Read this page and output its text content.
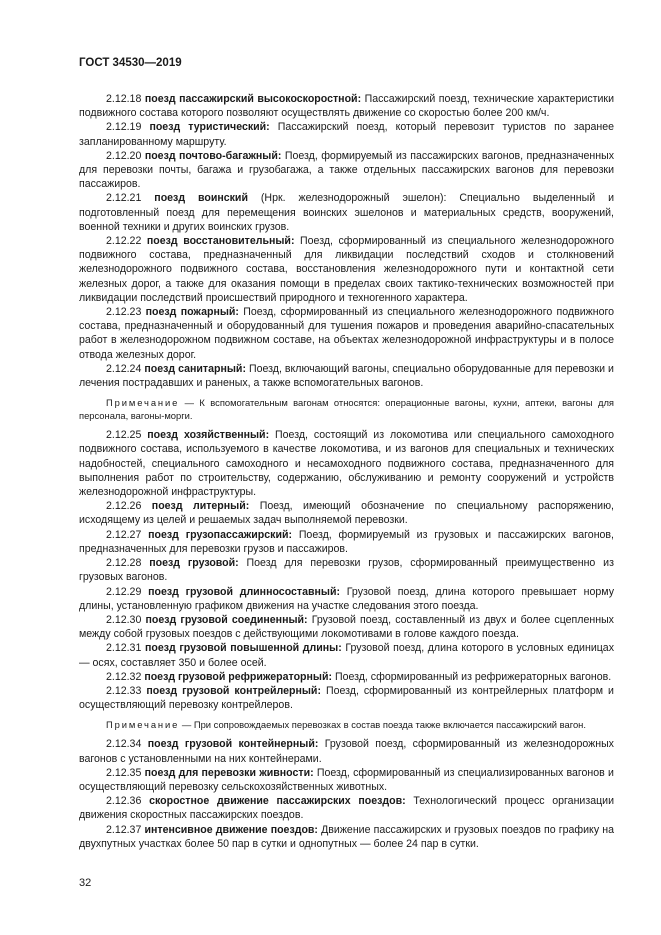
ГОСТ 34530—2019

2.12.18 поезд пассажирский высокоскоростной: Пассажирский поезд, технические характеристики подвижного состава которого позволяют осуществлять движение со скоростью более 200 км/ч.

2.12.19 поезд туристический: Пассажирский поезд, который перевозит туристов по заранее запланированному маршруту.

2.12.20 поезд почтово-багажный: Поезд, формируемый из пассажирских вагонов, предназначенных для перевозки почты, багажа и грузобагажа, а также отдельных пассажирских вагонов для перевозки пассажиров.

2.12.21 поезд воинский (Нрк. железнодорожный эшелон): Специально выделенный и подготовленный поезд для перемещения воинских эшелонов и материальных средств, вооружений, военной техники и других воинских грузов.

2.12.22 поезд восстановительный: Поезд, сформированный из специального железнодорожного подвижного состава, предназначенный для ликвидации последствий сходов и столкновений железнодорожного подвижного состава, восстановления железнодорожного пути и контактной сети железных дорог, а также для оказания помощи в пределах своих тактико-технических возможностей при ликвидации последствий происшествий природного и техногенного характера.

2.12.23 поезд пожарный: Поезд, сформированный из специального железнодорожного подвижного состава, предназначенный и оборудованный для тушения пожаров и проведения аварийно-спасательных работ в железнодорожном подвижном составе, на объектах железнодорожной инфраструктуры и в полосе отвода железных дорог.

2.12.24 поезд санитарный: Поезд, включающий вагоны, специально оборудованные для перевозки и лечения пострадавших и раненых, а также вспомогательных вагонов.

Примечание — К вспомогательным вагонам относятся: операционные вагоны, кухни, аптеки, вагоны для персонала, вагоны-морги.

2.12.25 поезд хозяйственный: Поезд, состоящий из локомотива или специального самоходного подвижного состава, используемого в качестве локомотива, и из вагонов для специальных и технических надобностей, специального самоходного и несамоходного подвижного состава, предназначенного для выполнения работ по строительству, содержанию, обслуживанию и ремонту сооружений и устройств железнодорожной инфраструктуры.

2.12.26 поезд литерный: Поезд, имеющий обозначение по специальному распоряжению, исходящему из целей и решаемых задач выполняемой перевозки.

2.12.27 поезд грузопассажирский: Поезд, формируемый из грузовых и пассажирских вагонов, предназначенных для перевозки грузов и пассажиров.

2.12.28 поезд грузовой: Поезд для перевозки грузов, сформированный преимущественно из грузовых вагонов.

2.12.29 поезд грузовой длинносоставный: Грузовой поезд, длина которого превышает норму длины, установленную графиком движения на участке следования этого поезда.

2.12.30 поезд грузовой соединенный: Грузовой поезд, составленный из двух и более сцепленных между собой грузовых поездов с действующими локомотивами в голове каждого поезда.

2.12.31 поезд грузовой повышенной длины: Грузовой поезд, длина которого в условных единицах — осях, составляет 350 и более осей.

2.12.32 поезд грузовой рефрижераторный: Поезд, сформированный из рефрижераторных вагонов.

2.12.33 поезд грузовой контрейлерный: Поезд, сформированный из контрейлерных платформ и осуществляющий перевозку контрейлеров.

Примечание — При сопровождаемых перевозках в состав поезда также включается пассажирский вагон.

2.12.34 поезд грузовой контейнерный: Грузовой поезд, сформированный из железнодорожных вагонов с установленными на них контейнерами.

2.12.35 поезд для перевозки живности: Поезд, сформированный из специализированных вагонов и осуществляющий перевозку сельскохозяйственных животных.

2.12.36 скоростное движение пассажирских поездов: Технологический процесс организации движения скоростных пассажирских поездов.

2.12.37 интенсивное движение поездов: Движение пассажирских и грузовых поездов по графику на двухпутных участках более 50 пар в сутки и однопутных — более 24 пар в сутки.

32
